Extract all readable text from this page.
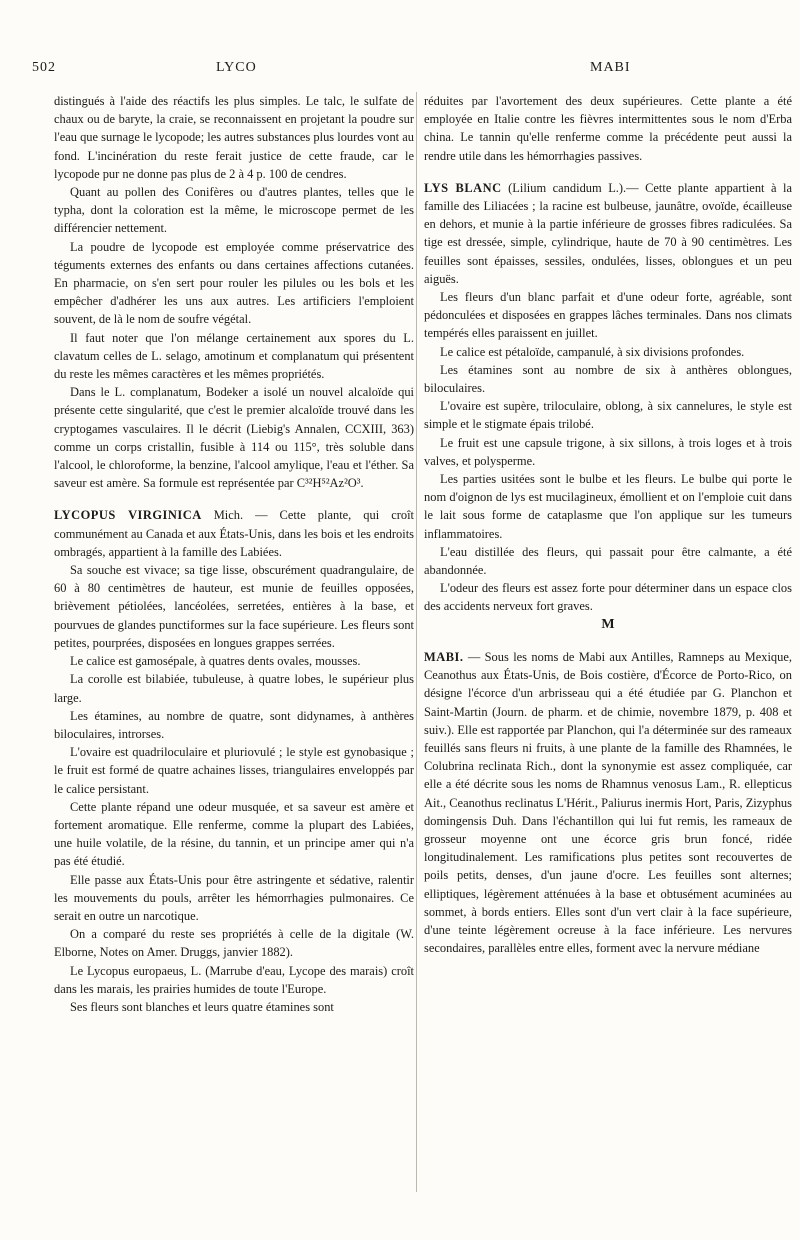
502	LYCO	MABI

distingués à l'aide des réactifs les plus simples. Le talc, le sulfate de chaux ou de baryte, la craie, se reconnaissent en projetant la poudre sur l'eau que surnage le lycopode; les autres substances plus lourdes vont au fond. L'incinération du reste ferait justice de cette fraude, car le lycopode pur ne donne pas plus de 2 à 4 p. 100 de cendres.

Quant au pollen des Conifères ou d'autres plantes, telles que le typha, dont la coloration est la même, le microscope permet de les différencier nettement.

La poudre de lycopode est employée comme préservatrice des téguments externes des enfants ou dans certaines affections cutanées. En pharmacie, on s'en sert pour rouler les pilules ou les bols et les empêcher d'adhérer les uns aux autres. Les artificiers l'emploient souvent, de là le nom de soufre végétal.

Il faut noter que l'on mélange certainement aux spores du L. clavatum celles de L. selago, amotinum et complanatum qui présentent du reste les mêmes caractères et les mêmes propriétés.

Dans le L. complanatum, Bodeker a isolé un nouvel alcaloïde qui présente cette singularité, que c'est le premier alcaloïde trouvé dans les cryptogames vasculaires. Il le décrit (Liebig's Annalen, CCXIII, 363) comme un corps cristallin, fusible à 114 ou 115°, très soluble dans l'alcool, le chloroforme, la benzine, l'alcool amylique, l'eau et l'éther. Sa saveur est amère. Sa formule est représentée par C³²H⁵²Az²O³.

LYCOPUS VIRGINICA Mich. — Cette plante, qui croît communément au Canada et aux États-Unis, dans les bois et les endroits ombragés, appartient à la famille des Labiées.

Sa souche est vivace; sa tige lisse, obscurément quadrangulaire, de 60 à 80 centimètres de hauteur, est munie de feuilles opposées, brièvement pétiolées, lancéolées, serretées, entières à la base, et pourvues de glandes punctiformes sur la face supérieure. Les fleurs sont petites, pourprées, disposées en longues grappes serrées.

Le calice est gamosépale, à quatres dents ovales, mousses.

La corolle est bilabiée, tubuleuse, à quatre lobes, le supérieur plus large.

Les étamines, au nombre de quatre, sont didynames, à anthères biloculaires, introrses.

L'ovaire est quadriloculaire et pluriovulé ; le style est gynobasique ; le fruit est formé de quatre achaines lisses, triangulaires enveloppés par le calice persistant.

Cette plante répand une odeur musquée, et sa saveur est amère et fortement aromatique. Elle renferme, comme la plupart des Labiées, une huile volatile, de la résine, du tannin, et un principe amer qui n'a pas été étudié.

Elle passe aux États-Unis pour être astringente et sédative, ralentir les mouvements du pouls, arrêter les hémorrhagies pulmonaires. Ce serait en outre un narcotique.

On a comparé du reste ses propriétés à celle de la digitale (W. Elborne, Notes on Amer. Druggs, janvier 1882).

Le Lycopus europaeus, L. (Marrube d'eau, Lycope des marais) croît dans les marais, les prairies humides de toute l'Europe.

Ses fleurs sont blanches et leurs quatre étamines sont

réduites par l'avortement des deux supérieures. Cette plante a été employée en Italie contre les fièvres intermittentes sous le nom d'Erba china. Le tannin qu'elle renferme comme la précédente peut aussi la rendre utile dans les hémorrhagies passives.

LYS BLANC (Lilium candidum L.).— Cette plante appartient à la famille des Liliacées ; la racine est bulbeuse, jaunâtre, ovoïde, écailleuse en dehors, et munie à la partie inférieure de grosses fibres radiculées. Sa tige est dressée, simple, cylindrique, haute de 70 à 90 centimètres. Les feuilles sont épaisses, sessiles, ondulées, lisses, oblongues et un peu aiguës.

Les fleurs d'un blanc parfait et d'une odeur forte, agréable, sont pédonculées et disposées en grappes lâches terminales. Dans nos climats tempérés elles paraissent en juillet.

Le calice est pétaloïde, campanulé, à six divisions profondes.

Les étamines sont au nombre de six à anthères oblongues, biloculaires.

L'ovaire est supère, triloculaire, oblong, à six cannelures, le style est simple et le stigmate épais trilobé.

Le fruit est une capsule trigone, à six sillons, à trois loges et à trois valves, et polysperme.

Les parties usitées sont le bulbe et les fleurs. Le bulbe qui porte le nom d'oignon de lys est mucilagineux, émollient et on l'emploie cuit dans le lait sous forme de cataplasme que l'on applique sur les tumeurs inflammatoires.

L'eau distillée des fleurs, qui passait pour être calmante, a été abandonnée.

L'odeur des fleurs est assez forte pour déterminer dans un espace clos des accidents nerveux fort graves.

M

MABI. — Sous les noms de Mabi aux Antilles, Ramneps au Mexique, Ceanothus aux États-Unis, de Bois costière, d'Écorce de Porto-Rico, on désigne l'écorce d'un arbrisseau qui a été étudiée par G. Planchon et Saint-Martin (Journ. de pharm. et de chimie, novembre 1879, p. 408 et suiv.). Elle est rapportée par Planchon, qui l'a déterminée sur des rameaux feuillés sans fleurs ni fruits, à une plante de la famille des Rhamnées, le Colubrina reclinata Rich., dont la synonymie est assez compliquée, car elle a été décrite sous les noms de Rhamnus venosus Lam., R. ellepticus Ait., Ceanothus reclinatus L'Hérit., Paliurus inermis Hort, Paris, Zizyphus domingensis Duh. Dans l'échantillon qui lui fut remis, les rameaux de grosseur moyenne ont une écorce gris brun foncé, ridée longitudinalement. Les ramifications plus petites sont recouvertes de poils petits, denses, d'un jaune d'ocre. Les feuilles sont alternes; elliptiques, légèrement atténuées à la base et obtusément acuminées au sommet, à bords entiers. Elles sont d'un vert clair à la face supérieure, d'une teinte légèrement ocreuse à la face inférieure. Les nervures secondaires, parallèles entre elles, forment avec la nervure médiane
